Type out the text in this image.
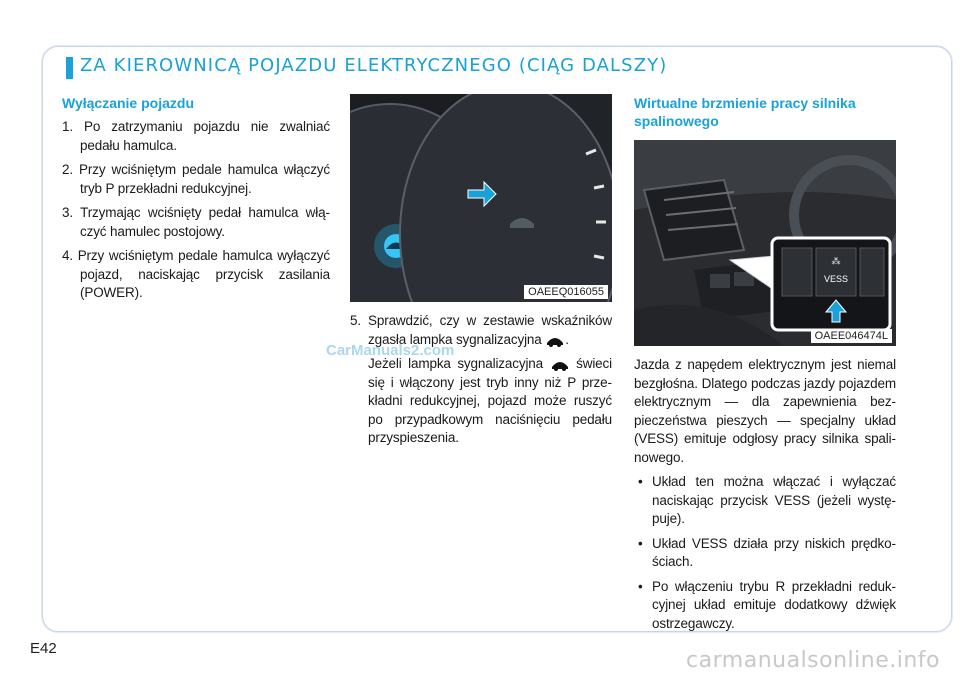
ZA KIEROWNICĄ POJAZDU ELEKTRYCZNEGO (CIĄG DALSZY)
Wyłączanie pojazdu
1. Po zatrzymaniu pojazdu nie zwalniać pedału hamulca.
2. Przy wciśniętym pedale hamulca włączyć tryb P przekładni redukcyjnej.
3. Trzymając wciśnięty pedał hamulca włączyć hamulec postojowy.
4. Przy wciśniętym pedale hamulca wyłączyć pojazd, naciskając przycisk zasilania (POWER).	OAEEQ016055
5. Sprawdzić, czy w zestawie wskaźników zgasła lampka sygnalizacyjna .
Jeżeli lampka sygnalizacyjna świeci się i włączony jest tryb inny niż P przekładni redukcyjnej, pojazd może ruszyć po przypadkowym naciśnięciu pedału przyspieszenia.
Wirtualne brzmienie pracy silnika spalinowego
⁂
VESS
OAEE046474L
Jazda z napędem elektrycznym jest niemal bezgłośna. Dlatego podczas jazdy pojazdem elektrycznym — dla zapewnienia bezpieczeństwa pieszych — specjalny układ (VESS) emituje odgłosy pracy silnika spalinowego.
• Układ ten można włączać i wyłączać naciskając przycisk VESS (jeżeli występuje).
• Układ VESS działa przy niskich prędkościach.
• Po włączeniu trybu R przekładni redukcyjnej układ emituje dodatkowy dźwięk ostrzegawczy.
CarManuals2.com
E42	carmanualsonline.info
